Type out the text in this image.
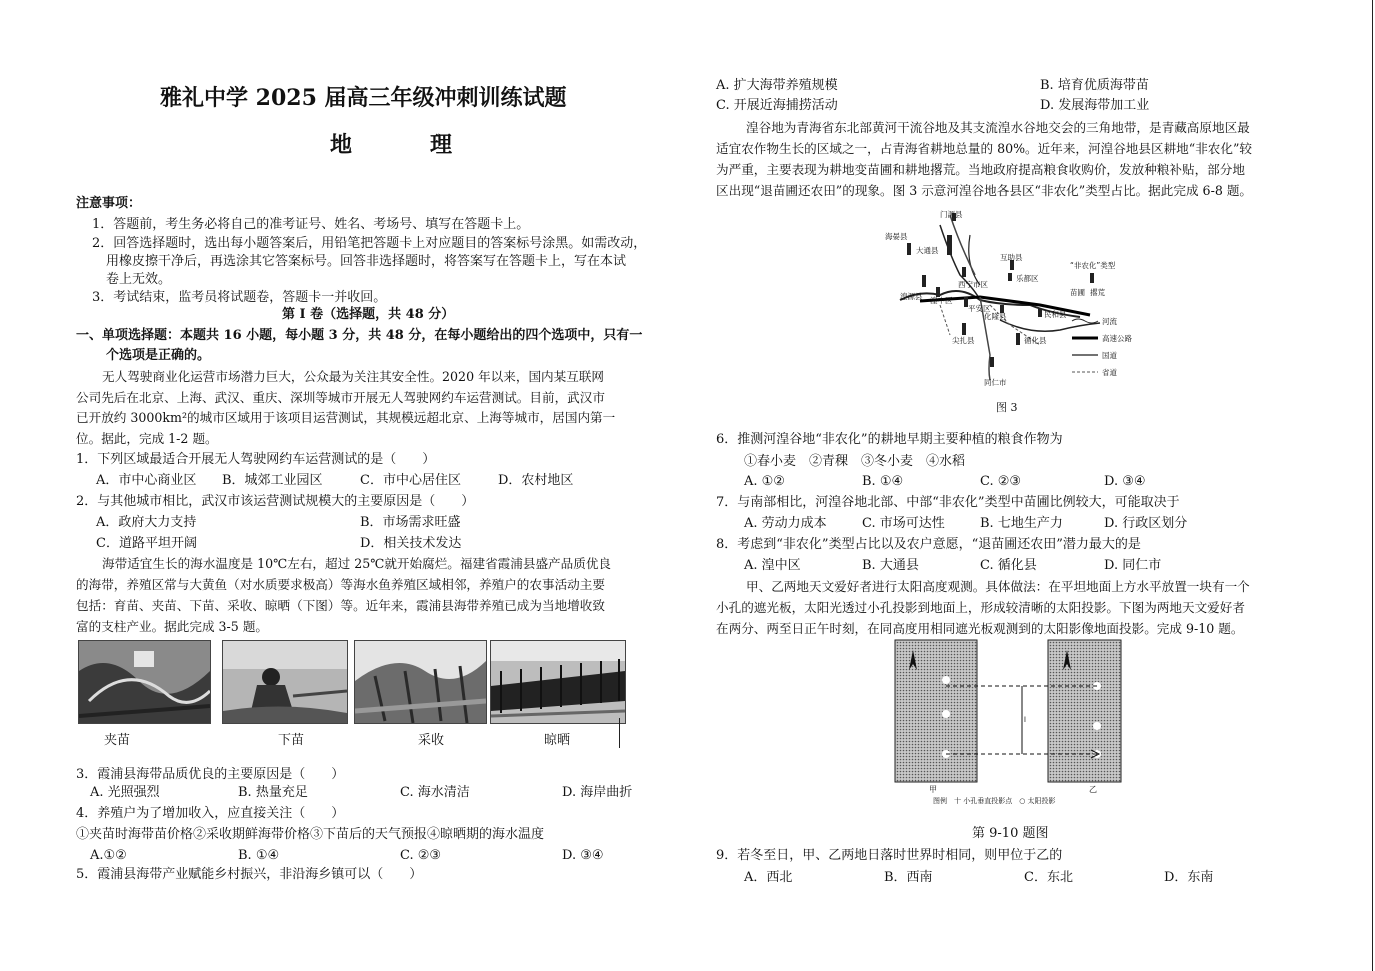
雅礼中学 2025 届高三年级冲刺训练试题
地　理
注意事项：
1．答题前，考生务必将自己的准考证号、姓名、考场号、填写在答题卡上。
2．回答选择题时，选出每小题答案后，用铅笔把答题卡上对应题目的答案标号涂黑。如需改动，
用橡皮擦干净后，再选涂其它答案标号。回答非选择题时，将答案写在答题卡上，写在本试
卷上无效。
3．考试结束，监考员将试题卷，答题卡一并收回。
第 I 卷（选择题，共 48 分）
一、单项选择题：本题共 16 小题，每小题 3 分，共 48 分，在每小题给出的四个选项中，只有一
个选项是正确的。
无人驾驶商业化运营市场潜力巨大，公众最为关注其安全性。2020 年以来，国内某互联网
公司先后在北京、上海、武汉、重庆、深圳等城市开展无人驾驶网约车运营测试。目前，武汉市
已开放约 3000km²的城市区域用于该项目运营测试，其规模远超北京、上海等城市，居国内第一
位。据此，完成 1-2 题。
1．下列区域最适合开展无人驾驶网约车运营测试的是（　　）
A．市中心商业区 B．城郊工业园区	C．市中心居住区	D．农村地区
2．与其他城市相比，武汉市该运营测试规模大的主要原因是（　　）
A．政府大力支持	B．市场需求旺盛
C．道路平坦开阔	D．相关技术发达
海带适宜生长的海水温度是 10℃左右，超过 25℃就开始腐烂。福建省霞浦县盛产品质优良
的海带，养殖区常与大黄鱼（对水质要求极高）等海水鱼养殖区域相邻，养殖户的农事活动主要
包括：育苗、夹苗、下苗、采收、晾晒（下图）等。近年来，霞浦县海带养殖已成为当地增收致
富的支柱产业。据此完成 3-5 题。
夹苗	下苗	采收	晾晒
3．霞浦县海带品质优良的主要原因是（　　）
A. 光照强烈	B. 热量充足	C. 海水清洁	D. 海岸曲折
4．养殖户为了增加收入，应直接关注（　　）
①夹苗时海带苗价格②采收期鲜海带价格③下苗后的天气预报④晾晒期的海水温度
A.①②	B. ①④	C. ②③	D. ③④
5．霞浦县海带产业赋能乡村振兴，非沿海乡镇可以（　　）
A. 扩大海带养殖规模	B. 培育优质海带苗
C. 开展近海捕捞活动	D. 发展海带加工业
湟谷地为青海省东北部黄河干流谷地及其支流湟水谷地交会的三角地带，是青藏高原地区最
适宜农作物生长的区域之一，占青海省耕地总量的 80%。近年来，河湟谷地县区耕地“非农化”较
为严重，主要表现为耕地变苗圃和耕地撂荒。当地政府提高粮食收购价，发放种粮补贴，部分地
区出现“退苗圃还农田”的现象。图 3 示意河湟谷地各县区“非农化”类型占比。据此完成 6-8 题。
门源县
海晏县
大通县
互助县
湟源县
西宁市区
乐都区
湟中区
平安区
化隆县	民和县
尖扎县	循化县
同仁市
“非农化”类型
苗圃 撂荒
河流
高速公路
国道
省道
图 3
6．推测河湟谷地“非农化”的耕地早期主要种植的粮食作物为
①春小麦　②青稞　③冬小麦　④水稻
A. ①②	B. ①④	C. ②③	D. ③④
7．与南部相比，河湟谷地北部、中部“非农化”类型中苗圃比例较大，可能取决于
A. 劳动力成本	C. 市场可达性	B. 七地生产力	D. 行政区划分
8．考虑到“非农化”类型占比以及农户意愿，“退苗圃还农田”潜力最大的是
A. 湟中区	B. 大通县	C. 循化县	D. 同仁市
甲、乙两地天文爱好者进行太阳高度观测。具体做法：在平坦地面上方水平放置一块有一个
小孔的遮光板，太阳光透过小孔投影到地面上，形成较清晰的太阳投影。下图为两地天文爱好者
在两分、两至日正午时刻，在同高度用相同遮光板观测到的太阳影像地面投影。完成 9-10 题。
l
甲	乙
图例　十 小孔垂直投影点　○ 太阳投影
第 9-10 题图
9．若冬至日，甲、乙两地日落时世界时相同，则甲位于乙的
A．西北	B．西南	C．东北	D．东南
